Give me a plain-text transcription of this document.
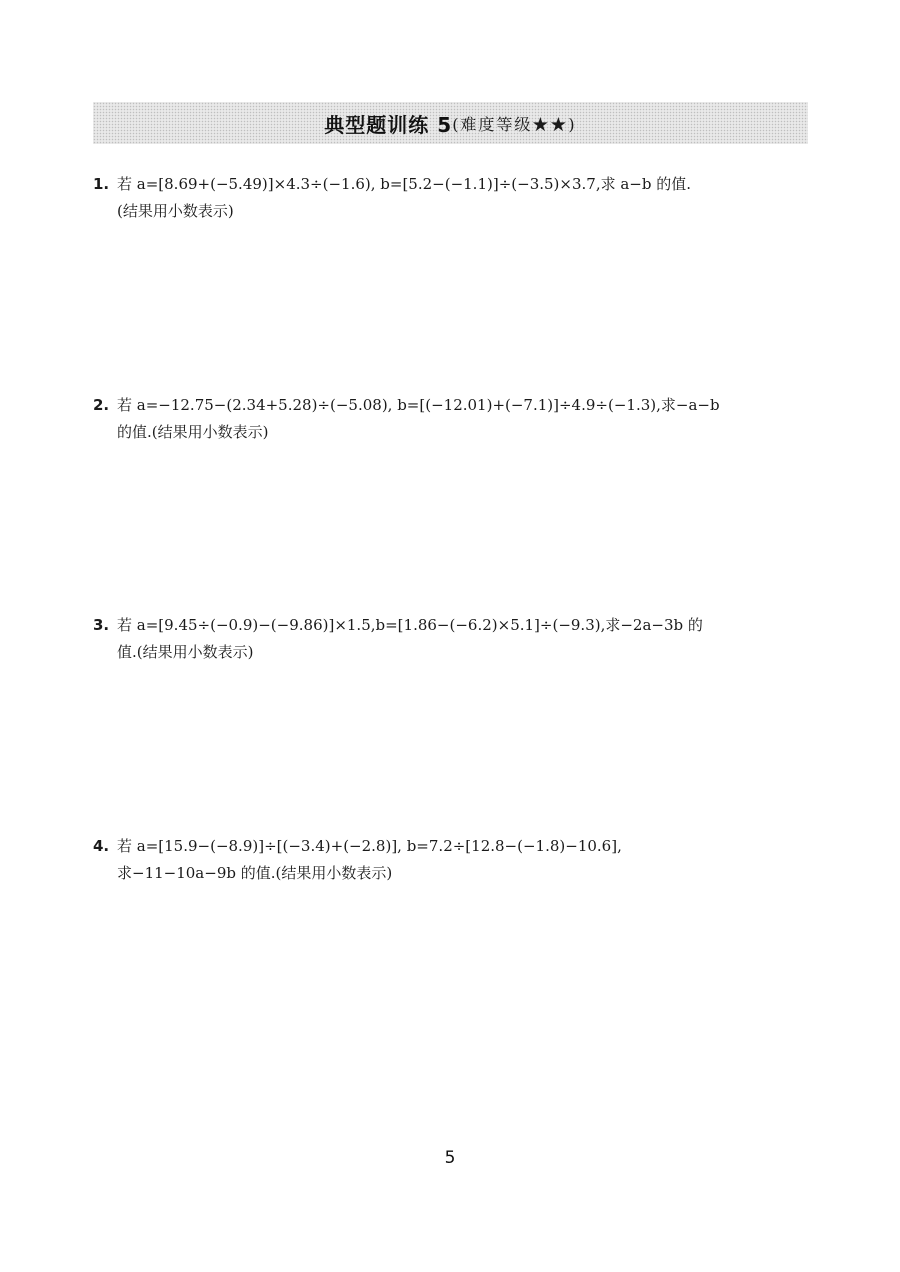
典型题训练 5 (难度等级★★)
1. 若 a=[8.69+(−5.49)]×4.3÷(−1.6), b=[5.2−(−1.1)]÷(−3.5)×3.7,求 a−b 的值.
(结果用小数表示)
2. 若 a=−12.75−(2.34+5.28)÷(−5.08), b=[(−12.01)+(−7.1)]÷4.9÷(−1.3),求−a−b
的值.(结果用小数表示)
3. 若 a=[9.45÷(−0.9)−(−9.86)]×1.5,b=[1.86−(−6.2)×5.1]÷(−9.3),求−2a−3b 的
值.(结果用小数表示)
4. 若 a=[15.9−(−8.9)]÷[(−3.4)+(−2.8)], b=7.2÷[12.8−(−1.8)−10.6],
求−11−10a−9b 的值.(结果用小数表示)
5
